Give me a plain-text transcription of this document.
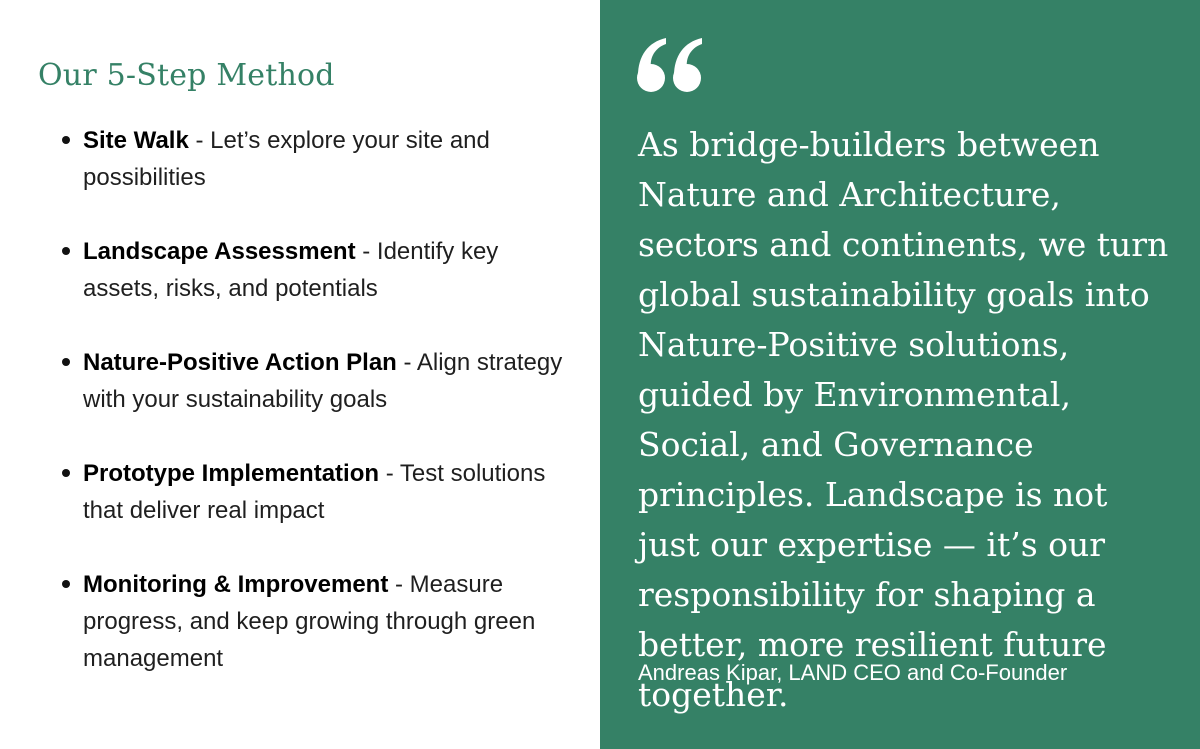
Our 5-Step Method
Site Walk - Let’s explore your site and possibilities
Landscape Assessment - Identify key assets, risks, and potentials
Nature-Positive Action Plan - Align strategy with your sustainability goals
Prototype Implementation - Test solutions that deliver real impact
Monitoring & Improvement - Measure progress, and keep growing through green management

As bridge-builders between Nature and Architecture, sectors and continents, we turn global sustainability goals into Nature-Positive solutions, guided by Environmental, Social, and Governance principles. Landscape is not just our expertise — it’s our responsibility for shaping a better, more resilient future together.

Andreas Kipar, LAND CEO and Co-Founder
